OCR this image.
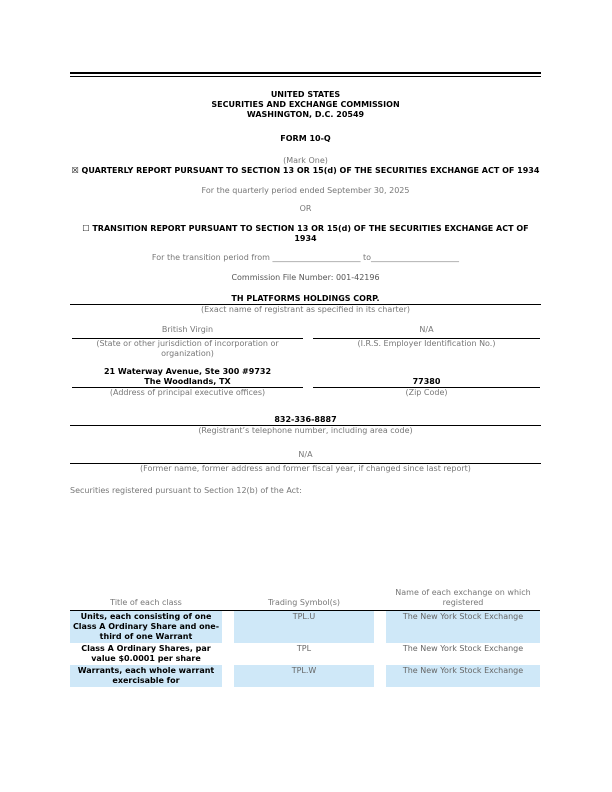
UNITED STATES
SECURITIES AND EXCHANGE COMMISSION
WASHINGTON, D.C. 20549
FORM 10-Q
(Mark One)
☒ QUARTERLY REPORT PURSUANT TO SECTION 13 OR 15(d) OF THE SECURITIES EXCHANGE ACT OF 1934
For the quarterly period ended September 30, 2025
OR
☐ TRANSITION REPORT PURSUANT TO SECTION 13 OR 15(d) OF THE SECURITIES EXCHANGE ACT OF 1934
For the transition period from ______________________ to______________________
Commission File Number: 001-42196
TH PLATFORMS HOLDINGS CORP.
(Exact name of registrant as specified in its charter)
British Virgin
(State or other jurisdiction of incorporation or organization)
N/A
(I.R.S. Employer Identification No.)
21 Waterway Avenue, Ste 300 #9732
The Woodlands, TX
(Address of principal executive offices)

77380
(Zip Code)
832-336-8887
(Registrant’s telephone number, including area code)
N/A
(Former name, former address and former fiscal year, if changed since last report)
Securities registered pursuant to Section 12(b) of the Act:
Title of each class		Trading Symbol(s)		Name of each exchange on which registered
Units, each consisting of one Class A Ordinary Share and one-third of one Warrant		TPL.U		The New York Stock Exchange
Class A Ordinary Shares, par value $0.0001 per share		TPL		The New York Stock Exchange
Warrants, each whole warrant exercisable for		TPL.W		The New York Stock Exchange
